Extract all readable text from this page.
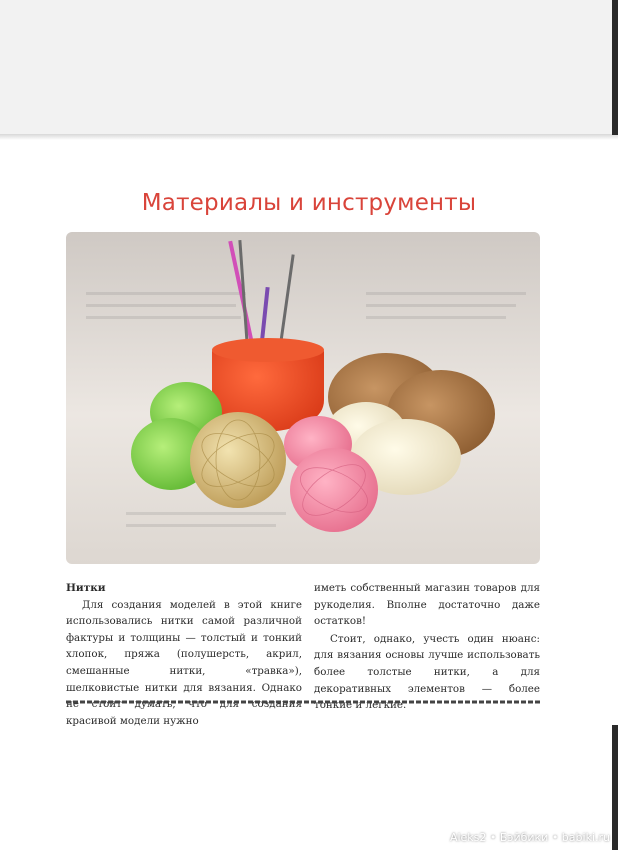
Материалы и инструменты
Нитки

Для создания моделей в этой книге использовались нитки самой различной фактуры и толщины — толстый и тонкий хлопок, пряжа (полушерсть, акрил, смешанные нитки, «травка»), шелковистые нитки для вязания. Однако не стоит думать, что для создания красивой модели нужно

иметь собственный магазин товаров для рукоделия. Вполне достаточно даже остатков!

Стоит, однако, учесть один нюанс: для вязания основы лучше использовать более толстые нитки, а для декоративных элементов — более тонкие и легкие.

Aleks2 • Бэйбики • babiki.ru
